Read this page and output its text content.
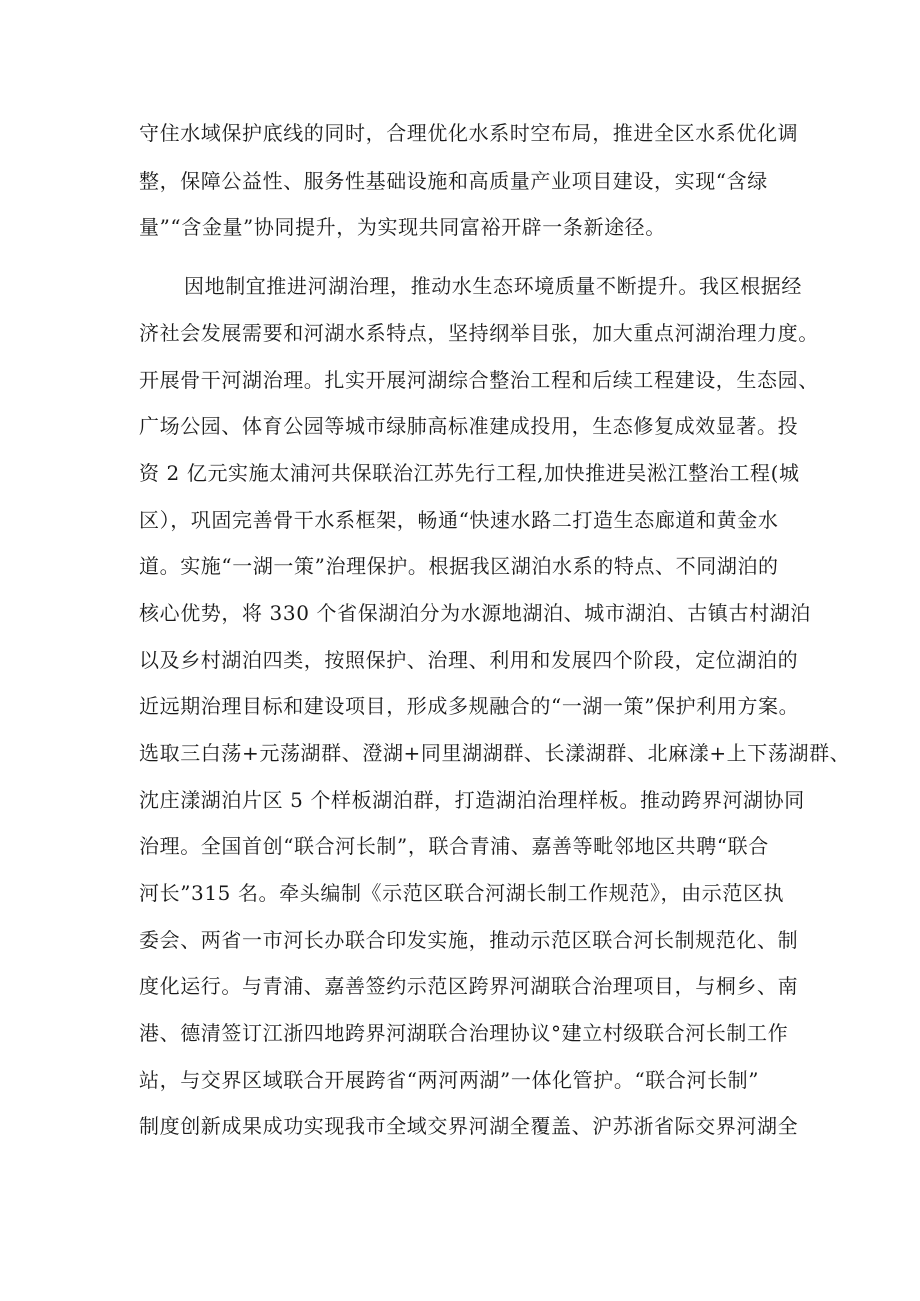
守住水域保护底线的同时，合理优化水系时空布局，推进全区水系优化调
整，保障公益性、服务性基础设施和高质量产业项目建设，实现“含绿
量”“含金量”协同提升，为实现共同富裕开辟一条新途径。
因地制宜推进河湖治理，推动水生态环境质量不断提升。我区根据经
济社会发展需要和河湖水系特点，坚持纲举目张，加大重点河湖治理力度。
开展骨干河湖治理。扎实开展河湖综合整治工程和后续工程建设，生态园、
广场公园、体育公园等城市绿肺高标准建成投用，生态修复成效显著。投
资 2 亿元实施太浦河共保联治江苏先行工程,加快推进吴淞江整治工程(城
区），巩固完善骨干水系框架，畅通“快速水路二打造生态廊道和黄金水
道。实施“一湖一策”治理保护。根据我区湖泊水系的特点、不同湖泊的
核心优势，将 330 个省保湖泊分为水源地湖泊、城市湖泊、古镇古村湖泊
以及乡村湖泊四类，按照保护、治理、利用和发展四个阶段，定位湖泊的
近远期治理目标和建设项目，形成多规融合的“一湖一策”保护利用方案。
选取三白荡+元荡湖群、澄湖+同里湖湖群、长漾湖群、北麻漾+上下荡湖群、
沈庄漾湖泊片区 5 个样板湖泊群，打造湖泊治理样板。推动跨界河湖协同
治理。全国首创“联合河长制”，联合青浦、嘉善等毗邻地区共聘“联合
河长”315 名。牵头编制《示范区联合河湖长制工作规范》，由示范区执
委会、两省一市河长办联合印发实施，推动示范区联合河长制规范化、制
度化运行。与青浦、嘉善签约示范区跨界河湖联合治理项目，与桐乡、南
港、德清签订江浙四地跨界河湖联合治理协议°建立村级联合河长制工作
站，与交界区域联合开展跨省“两河两湖”一体化管护。“联合河长制”
制度创新成果成功实现我市全域交界河湖全覆盖、沪苏浙省际交界河湖全
